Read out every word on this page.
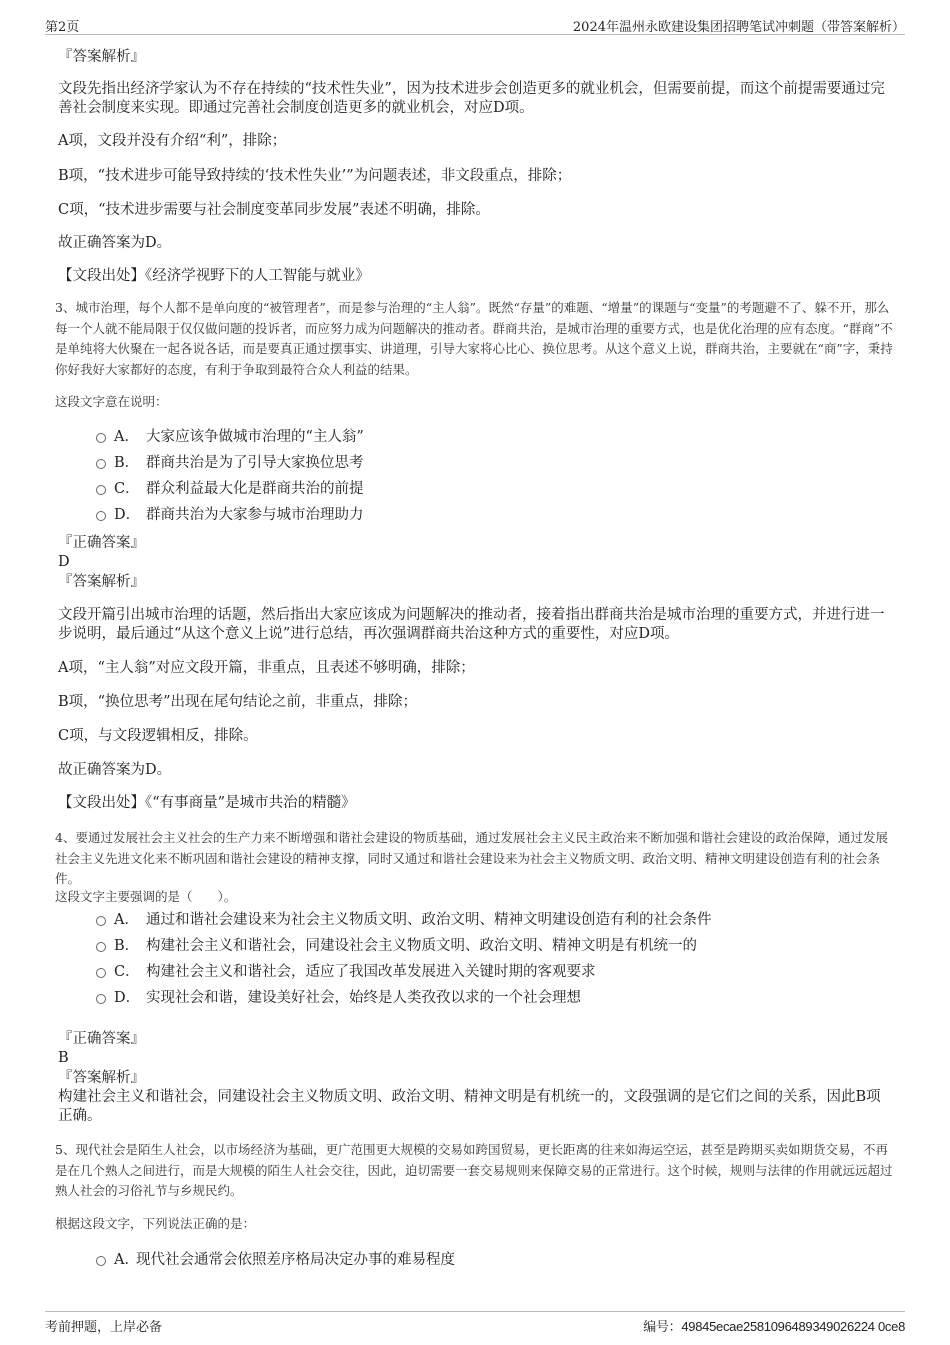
第2页	2024年温州永欧建设集团招聘笔试冲刺题（带答案解析）
『答案解析』
文段先指出经济学家认为不存在持续的“技术性失业”，因为技术进步会创造更多的就业机会，但需要前提，而这个前提需要通过完善社会制度来实现。即通过完善社会制度创造更多的就业机会，对应D项。
A项，文段并没有介绍“利”，排除；
B项，“技术进步可能导致持续的‘技术性失业’”为问题表述，非文段重点，排除；
C项，“技术进步需要与社会制度变革同步发展”表述不明确，排除。
故正确答案为D。
【文段出处】《经济学视野下的人工智能与就业》
3、城市治理，每个人都不是单向度的“被管理者”，而是参与治理的“主人翁”。既然“存量”的难题、“增量”的课题与“变量”的考题避不了、躲不开，那么每一个人就不能局限于仅仅做问题的投诉者，而应努力成为问题解决的推动者。群商共治，是城市治理的重要方式，也是优化治理的应有态度。“群商”不是单纯将大伙聚在一起各说各话，而是要真正通过摆事实、讲道理，引导大家将心比心、换位思考。从这个意义上说，群商共治，主要就在“商”字，秉持你好我好大家都好的态度，有利于争取到最符合众人利益的结果。
这段文字意在说明：
A． 大家应该争做城市治理的“主人翁”
B． 群商共治是为了引导大家换位思考
C． 群众利益最大化是群商共治的前提
D． 群商共治为大家参与城市治理助力
『正确答案』
D
『答案解析』
文段开篇引出城市治理的话题，然后指出大家应该成为问题解决的推动者，接着指出群商共治是城市治理的重要方式，并进行进一步说明，最后通过“从这个意义上说”进行总结，再次强调群商共治这种方式的重要性，对应D项。
A项，“主人翁”对应文段开篇，非重点，且表述不够明确，排除；
B项，“换位思考”出现在尾句结论之前，非重点，排除；
C项，与文段逻辑相反，排除。
故正确答案为D。
【文段出处】《“有事商量”是城市共治的精髓》
4、要通过发展社会主义社会的生产力来不断增强和谐社会建设的物质基础，通过发展社会主义民主政治来不断加强和谐社会建设的政治保障，通过发展社会主义先进文化来不断巩固和谐社会建设的精神支撑，同时又通过和谐社会建设来为社会主义物质文明、政治文明、精神文明建设创造有利的社会条件。
这段文字主要强调的是（　　）。
A． 通过和谐社会建设来为社会主义物质文明、政治文明、精神文明建设创造有利的社会条件
B． 构建社会主义和谐社会，同建设社会主义物质文明、政治文明、精神文明是有机统一的
C． 构建社会主义和谐社会，适应了我国改革发展进入关键时期的客观要求
D． 实现社会和谐，建设美好社会，始终是人类孜孜以求的一个社会理想
『正确答案』
B
『答案解析』
构建社会主义和谐社会，同建设社会主义物质文明、政治文明、精神文明是有机统一的，文段强调的是它们之间的关系，因此B项正确。
5、现代社会是陌生人社会，以市场经济为基础，更广范围更大规模的交易如跨国贸易，更长距离的往来如海运空运，甚至是跨期买卖如期货交易，不再是在几个熟人之间进行，而是大规模的陌生人社会交往，因此，迫切需要一套交易规则来保障交易的正常进行。这个时候，规则与法律的作用就远远超过熟人社会的习俗礼节与乡规民约。
根据这段文字，下列说法正确的是：
A．现代社会通常会依照差序格局决定办事的难易程度
考前押题，上岸必备	编号：49845ecae2581096489349026224 0ce8
